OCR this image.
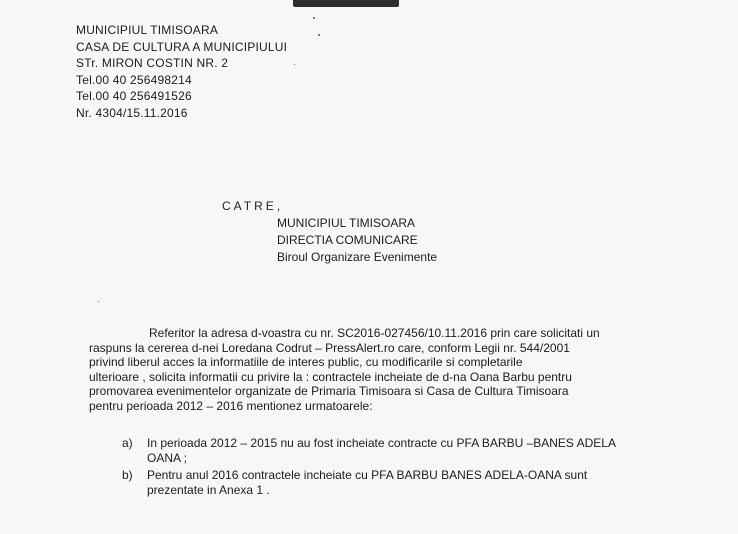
MUNICIPIUL TIMISOARA
CASA DE CULTURA A MUNICIPIULUI
STr. MIRON COSTIN NR. 2
Tel.00 40 256498214
Tel.00 40 256491526
Nr. 4304/15.11.2016
CATRE,
MUNICIPIUL TIMISOARA
DIRECTIA COMUNICARE
Biroul Organizare Evenimente
Referitor la adresa d-voastra cu nr. SC2016-027456/10.11.2016 prin care solicitati un
raspuns la cererea d-nei Loredana Codrut – PressAlert.ro care, conform Legii nr. 544/2001
privind liberul acces la informatiile de interes public, cu modificarile si completarile
ulterioare , solicita informatii cu privire la : contractele incheiate de d-na Oana Barbu pentru
promovarea evenimentelor organizate de Primaria Timisoara si Casa de Cultura Timisoara
pentru perioada 2012 – 2016 mentionez urmatoarele:
a) In perioada 2012 – 2015 nu au fost incheiate contracte cu PFA BARBU –BANES ADELA OANA ;
b) Pentru anul 2016 contractele incheiate cu PFA BARBU BANES ADELA-OANA sunt prezentate in Anexa 1 .
